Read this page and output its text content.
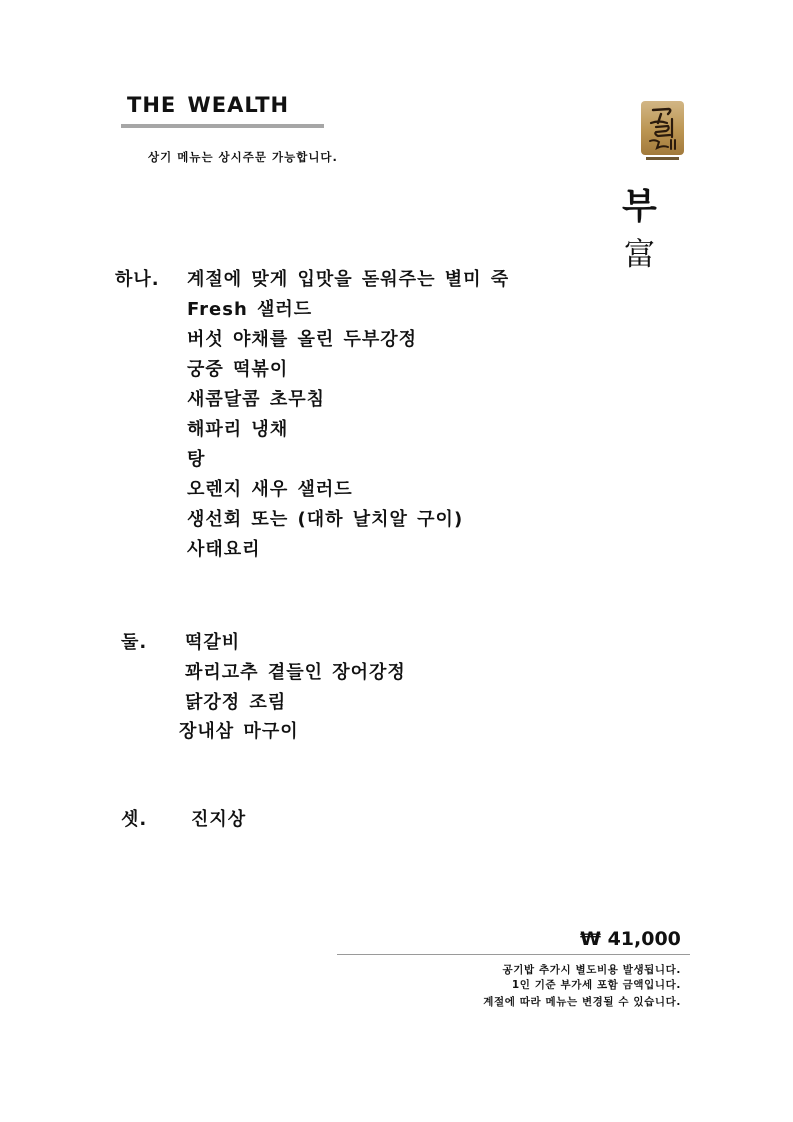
THE WEALTH
상기 메뉴는 상시주문 가능합니다.
부
富
하나. 계절에 맞게 입맛을 돋워주는 별미 죽
Fresh 샐러드
버섯 야채를 올린 두부강정
궁중 떡볶이
새콤달콤 초무침
해파리 냉채
탕
오렌지 새우 샐러드
생선회 또는 (대하 날치알 구이)
사태요리
둘. 떡갈비
꽈리고추 곁들인 장어강정
닭강정 조림
장내삼 마구이
셋. 진지상
₩ 41,000
공기밥 추가시 별도비용 발생됩니다.
1인 기준 부가세 포함 금액입니다.
계절에 따라 메뉴는 변경될 수 있습니다.
